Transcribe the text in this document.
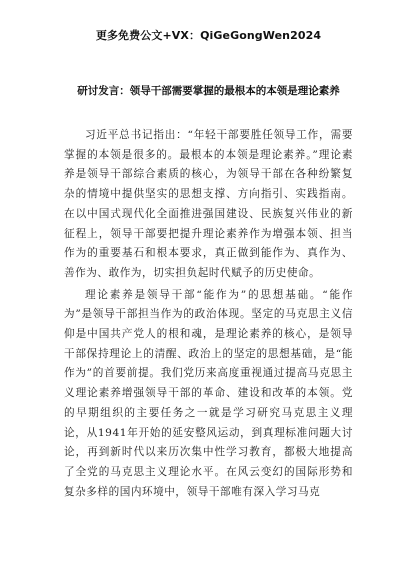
更多免费公文+VX：QiGeGongWen2024

研讨发言：领导干部需要掌握的最根本的本领是理论素养

习近平总书记指出：“年轻干部要胜任领导工作，需要掌握的本领是很多的。最根本的本领是理论素养。”理论素养是领导干部综合素质的核心，为领导干部在各种纷繁复杂的情境中提供坚实的思想支撑、方向指引、实践指南。在以中国式现代化全面推进强国建设、民族复兴伟业的新征程上，领导干部要把提升理论素养作为增强本领、担当作为的重要基石和根本要求，真正做到能作为、真作为、善作为、敢作为，切实担负起时代赋予的历史使命。

理论素养是领导干部“能作为”的思想基础。“能作为”是领导干部担当作为的政治体现。坚定的马克思主义信仰是中国共产党人的根和魂，是理论素养的核心，是领导干部保持理论上的清醒、政治上的坚定的思想基础，是“能作为”的首要前提。我们党历来高度重视通过提高马克思主义理论素养增强领导干部的革命、建设和改革的本领。党的早期组织的主要任务之一就是学习研究马克思主义理论，从1941年开始的延安整风运动，到真理标准问题大讨论，再到新时代以来历次集中性学习教育，都极大地提高了全党的马克思主义理论水平。在风云变幻的国际形势和复杂多样的国内环境中，领导干部唯有深入学习马克
